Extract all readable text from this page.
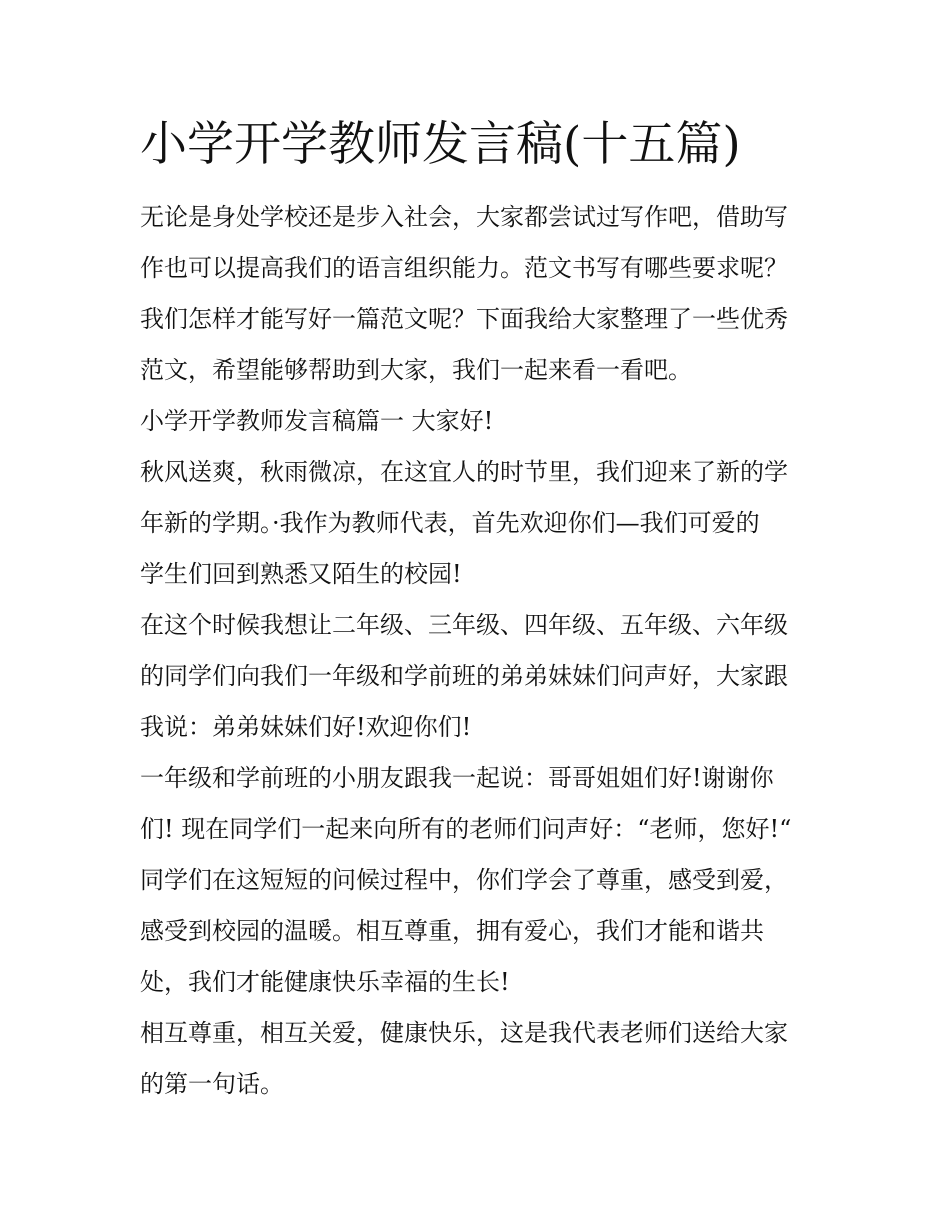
小学开学教师发言稿(十五篇)
无论是身处学校还是步入社会，大家都尝试过写作吧，借助写
作也可以提高我们的语言组织能力。范文书写有哪些要求呢？
我们怎样才能写好一篇范文呢？下面我给大家整理了一些优秀
范文，希望能够帮助到大家，我们一起来看一看吧。
小学开学教师发言稿篇一 大家好!
秋风送爽，秋雨微凉，在这宜人的时节里，我们迎来了新的学
年新的学期。·我作为教师代表，首先欢迎你们—我们可爱的
学生们回到熟悉又陌生的校园!
在这个时候我想让二年级、三年级、四年级、五年级、六年级
的同学们向我们一年级和学前班的弟弟妹妹们问声好，大家跟
我说：弟弟妹妹们好!欢迎你们!
一年级和学前班的小朋友跟我一起说：哥哥姐姐们好!谢谢你
们! 现在同学们一起来向所有的老师们问声好：“老师，您好!“
同学们在这短短的问候过程中，你们学会了尊重，感受到爱，
感受到校园的温暖。相互尊重，拥有爱心，我们才能和谐共
处，我们才能健康快乐幸福的生长!
相互尊重，相互关爱，健康快乐，这是我代表老师们送给大家
的第一句话。
